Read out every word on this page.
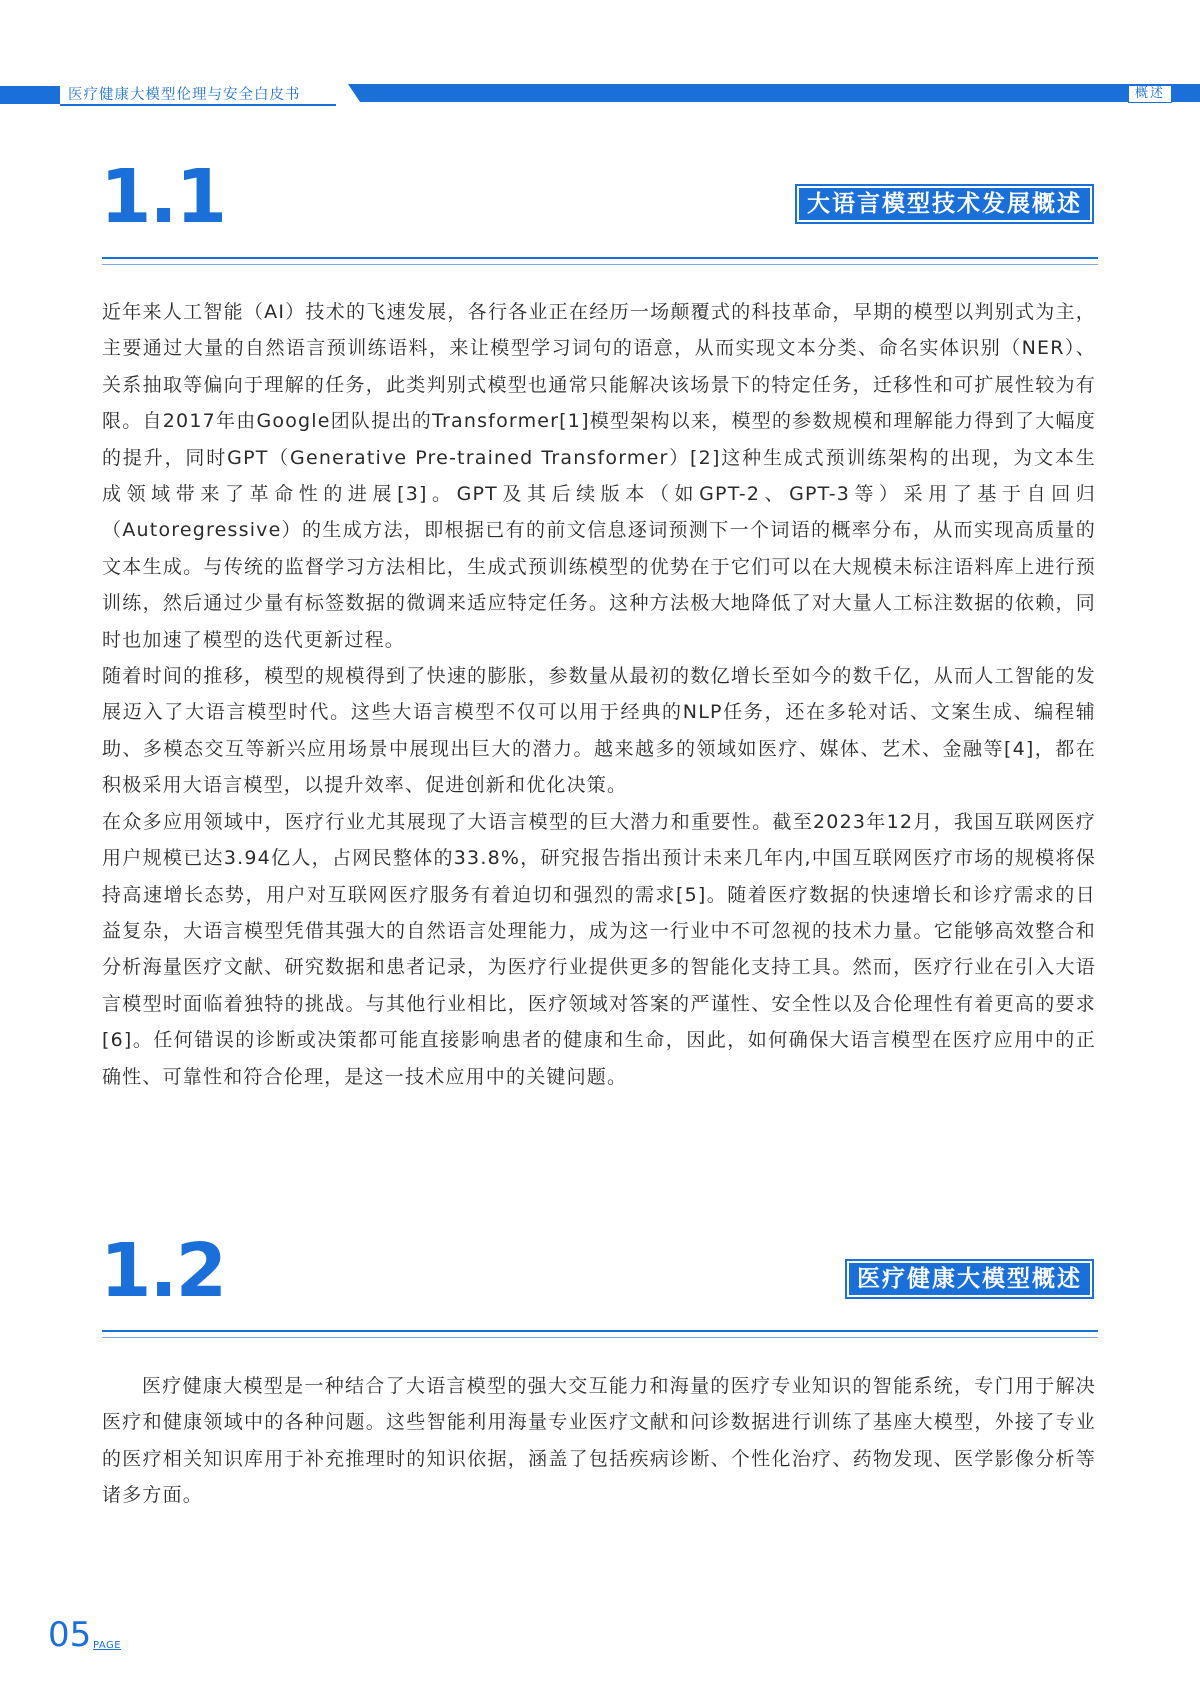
医疗健康大模型伦理与安全白皮书	概述
1.1	大语言模型技术发展概述

近年来人工智能（AI）技术的飞速发展，各行各业正在经历一场颠覆式的科技革命，早期的模型以判别式为主，主要通过大量的自然语言预训练语料，来让模型学习词句的语意，从而实现文本分类、命名实体识别（NER）、关系抽取等偏向于理解的任务，此类判别式模型也通常只能解决该场景下的特定任务，迁移性和可扩展性较为有限。自2017年由Google团队提出的Transformer[1]模型架构以来，模型的参数规模和理解能力得到了大幅度的提升，同时GPT（Generative Pre-trained Transformer）[2]这种生成式预训练架构的出现，为文本生成领域带来了革命性的进展[3]。GPT及其后续版本（如GPT-2、GPT-3等）采用了基于自回归（Autoregressive）的生成方法，即根据已有的前文信息逐词预测下一个词语的概率分布，从而实现高质量的文本生成。与传统的监督学习方法相比，生成式预训练模型的优势在于它们可以在大规模未标注语料库上进行预训练，然后通过少量有标签数据的微调来适应特定任务。这种方法极大地降低了对大量人工标注数据的依赖，同时也加速了模型的迭代更新过程。

随着时间的推移，模型的规模得到了快速的膨胀，参数量从最初的数亿增长至如今的数千亿，从而人工智能的发展迈入了大语言模型时代。这些大语言模型不仅可以用于经典的NLP任务，还在多轮对话、文案生成、编程辅助、多模态交互等新兴应用场景中展现出巨大的潜力。越来越多的领域如医疗、媒体、艺术、金融等[4]，都在积极采用大语言模型，以提升效率、促进创新和优化决策。

在众多应用领域中，医疗行业尤其展现了大语言模型的巨大潜力和重要性。截至2023年12月，我国互联网医疗用户规模已达3.94亿人，占网民整体的33.8%，研究报告指出预计未来几年内,中国互联网医疗市场的规模将保持高速增长态势，用户对互联网医疗服务有着迫切和强烈的需求[5]。随着医疗数据的快速增长和诊疗需求的日益复杂，大语言模型凭借其强大的自然语言处理能力，成为这一行业中不可忽视的技术力量。它能够高效整合和分析海量医疗文献、研究数据和患者记录，为医疗行业提供更多的智能化支持工具。然而，医疗行业在引入大语言模型时面临着独特的挑战。与其他行业相比，医疗领域对答案的严谨性、安全性以及合伦理性有着更高的要求[6]。任何错误的诊断或决策都可能直接影响患者的健康和生命，因此，如何确保大语言模型在医疗应用中的正确性、可靠性和符合伦理，是这一技术应用中的关键问题。

1.2	医疗健康大模型概述

医疗健康大模型是一种结合了大语言模型的强大交互能力和海量的医疗专业知识的智能系统，专门用于解决医疗和健康领域中的各种问题。这些智能利用海量专业医疗文献和问诊数据进行训练了基座大模型，外接了专业的医疗相关知识库用于补充推理时的知识依据，涵盖了包括疾病诊断、个性化治疗、药物发现、医学影像分析等诸多方面。

05 PAGE
